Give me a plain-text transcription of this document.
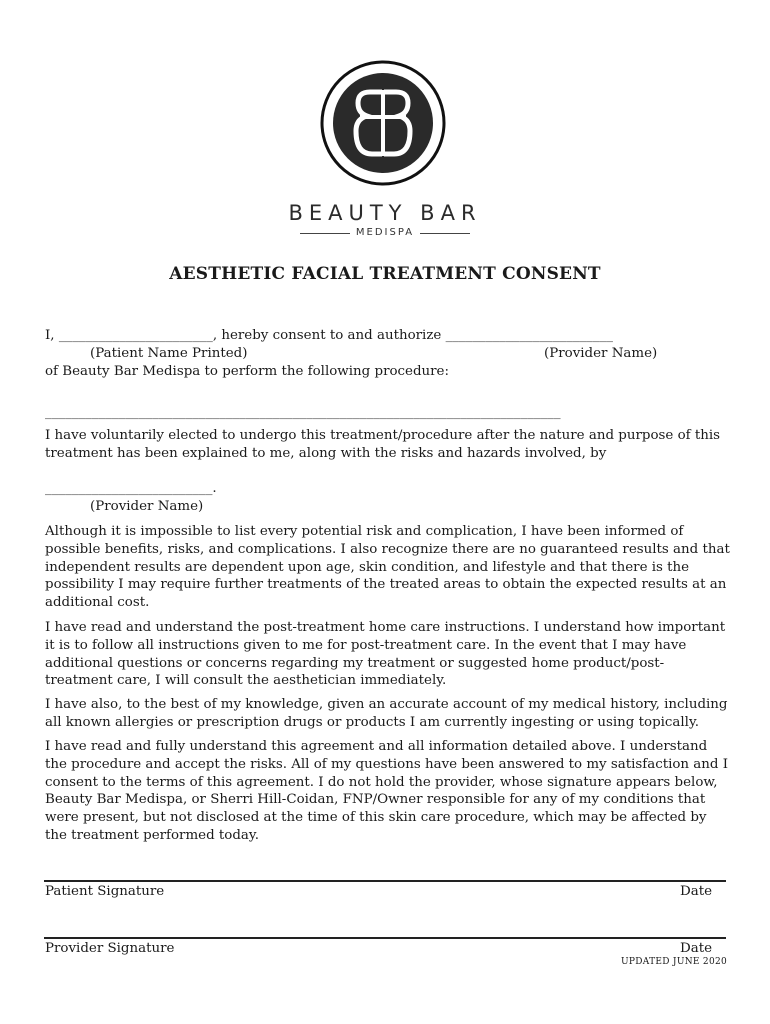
BEAUTY BAR
MEDISPA
AESTHETIC FACIAL TREATMENT CONSENT
I, _______________________, hereby consent to and authorize _________________________
(Patient Name Printed)	(Provider Name)
of Beauty Bar Medispa to perform the following procedure:
_____________________________________________________________________________
I have voluntarily elected to undergo this treatment/procedure after the nature and purpose of this treatment has been explained to me, along with the risks and hazards involved, by
_________________________.
(Provider Name)
Although it is impossible to list every potential risk and complication, I have been informed of possible benefits, risks, and complications. I also recognize there are no guaranteed results and that independent results are dependent upon age, skin condition, and lifestyle and that there is the possibility I may require further treatments of the treated areas to obtain the expected results at an additional cost.
I have read and understand the post-treatment home care instructions. I understand how important it is to follow all instructions given to me for post-treatment care. In the event that I may have additional questions or concerns regarding my treatment or suggested home product/post-treatment care, I will consult the aesthetician immediately.
I have also, to the best of my knowledge, given an accurate account of my medical history, including all known allergies or prescription drugs or products I am currently ingesting or using topically.
I have read and fully understand this agreement and all information detailed above. I understand the procedure and accept the risks. All of my questions have been answered to my satisfaction and I consent to the terms of this agreement. I do not hold the provider, whose signature appears below, Beauty Bar Medispa, or Sherri Hill-Coidan, FNP/Owner responsible for any of my conditions that were present, but not disclosed at the time of this skin care procedure, which may be affected by the treatment performed today.
Patient Signature	Date
Provider Signature	Date
UPDATED JUNE 2020
